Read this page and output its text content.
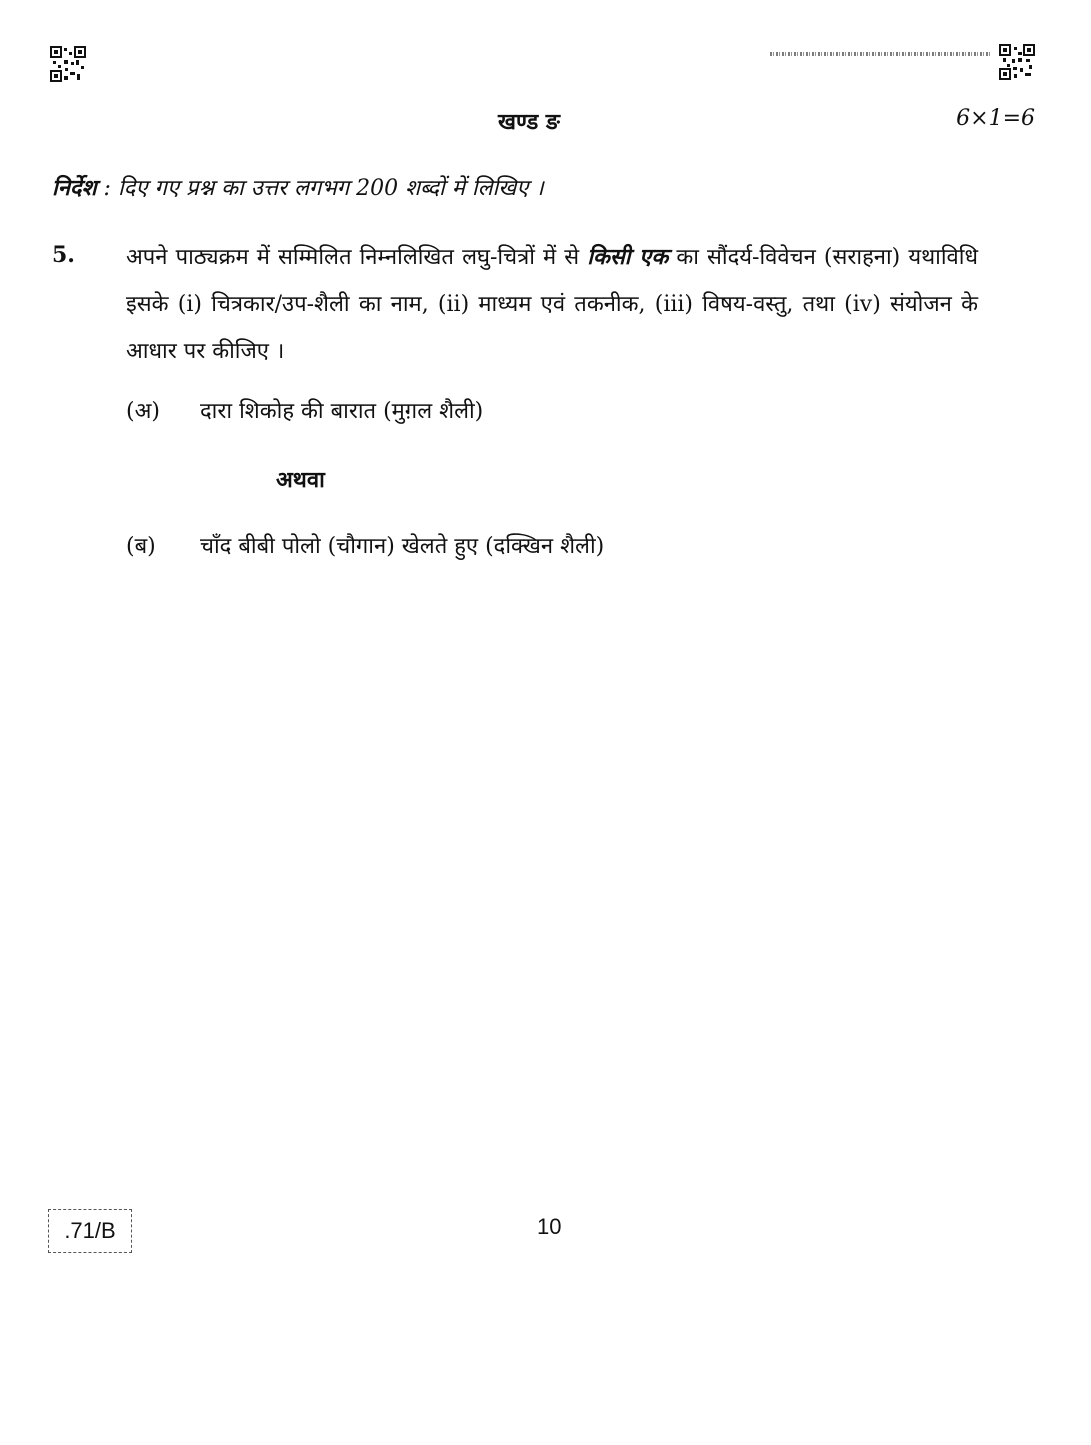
खण्ड ङ	6×1=6
निर्देश : दिए गए प्रश्न का उत्तर लगभग 200 शब्दों में लिखिए ।
5. अपने पाठ्यक्रम में सम्मिलित निम्नलिखित लघु-चित्रों में से किसी एक का सौंदर्य-विवेचन (सराहना) यथाविधि इसके (i) चित्रकार/उप-शैली का नाम, (ii) माध्यम एवं तकनीक, (iii) विषय-वस्तु, तथा (iv) संयोजन के आधार पर कीजिए ।
(अ) दारा शिकोह की बारात (मुग़ल शैली)
अथवा
(ब) चाँद बीबी पोलो (चौगान) खेलते हुए (दक्खिन शैली)
.71/B	10
